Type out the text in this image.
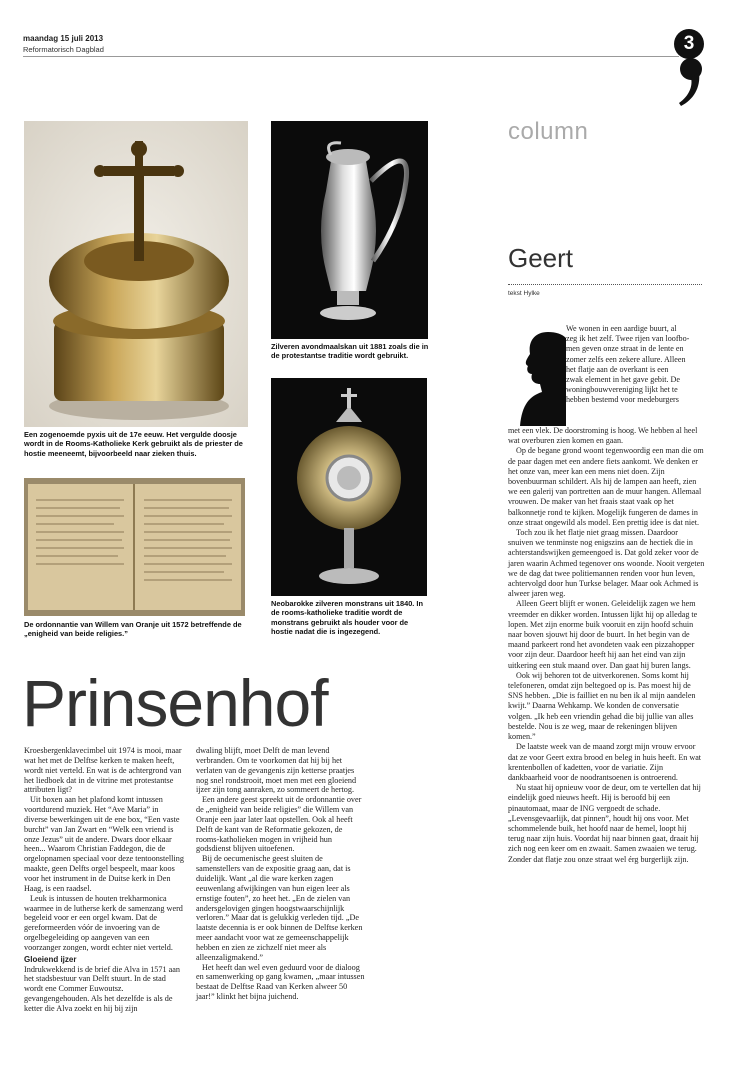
maandag 15 juli 2013
Reformatorisch Dagblad	3
Een zogenoemde pyxis uit de 17e eeuw. Het vergulde doosje wordt in de Rooms-Katholieke Kerk gebruikt als de priester de hostie meeneemt, bijvoorbeeld naar zieken thuis.
Zilveren avondmaalskan uit 1881 zoals die in de protestantse traditie wordt gebruikt.
De ordonnantie van Willem van Oranje uit 1572 betreffende de „enigheid van beide religies.”
Neobarokke zilveren monstrans uit 1840. In de rooms-katholieke traditie wordt de monstrans gebruikt als houder voor de hostie nadat die is ingezegend.
Prinsenhof

Kroesbergenklavecimbel uit 1974 is mooi, maar wat het met de Delftse kerken te maken heeft, wordt niet verteld. En wat is de achtergrond van het liedboek dat in de vitrine met protestantse attributen ligt?

Uit boxen aan het plafond komt intussen voortdurend muziek. Het “Ave Maria” in diverse bewerkingen uit de ene box, “Een vaste burcht” van Jan Zwart en “Welk een vriend is onze Jezus” uit de andere. Dwars door elkaar heen... Waarom Christian Faddegon, die de orgelopnamen speciaal voor deze tentoonstelling maakte, geen Delfts orgel bespeelt, maar koos voor het instrument in de Duitse kerk in Den Haag, is een raadsel.

Leuk is intussen de houten trekharmonica waarmee in de lutherse kerk de samenzang werd begeleid voor er een orgel kwam. Dat de gereformeerden vóór de invoering van de orgelbegeleiding op aangeven van een voorzanger zongen, wordt echter niet verteld.

Gloeiend ijzer

Indrukwekkend is de brief die Alva in 1571 aan het stadsbestuur van Delft stuurt. In de stad wordt ene Commer Euwoutsz. gevangengehouden. Als het dezelfde is als de ketter die Alva zoekt en hij bij zijn

dwaling blijft, moet Delft de man levend verbranden. Om te voorkomen dat hij bij het verlaten van de gevangenis zijn ketterse praatjes nog snel rondstrooit, moet men met een gloeiend ijzer zijn tong aanraken, zo sommeert de hertog.

Een andere geest spreekt uit de ordonnantie over de „enigheid van beide religies” die Willem van Oranje een jaar later laat opstellen. Ook al heeft Delft de kant van de Reformatie gekozen, de rooms-katholieken mogen in vrijheid hun godsdienst blijven uitoefenen.

Bij de oecumenische geest sluiten de samenstellers van de expositie graag aan, dat is duidelijk. Want „al die ware kerken zagen eeuwenlang afwijkingen van hun eigen leer als ernstige fouten”, zo heet het. „En de zielen van andersgelovigen gingen hoogstwaarschijnlijk verloren.” Maar dat is gelukkig verleden tijd. „De laatste decennia is er ook binnen de Delftse kerken meer aandacht voor wat ze gemeenschappelijk hebben en zien ze zichzelf niet meer als alleenzaligmakend.”

Het heeft dan wel even geduurd voor de dialoog en samenwerking op gang kwamen, „maar intussen bestaat de Delftse Raad van Kerken alweer 50 jaar!” klinkt het bijna juichend.

column
Geert
tekst Hylke
We wonen in een aardige buurt, al
zeg ik het zelf. Twee rijen van loofbo-
men geven onze straat in de lente en
zomer zelfs een zekere allure. Alleen
het flatje aan de overkant is een
zwak element in het gave gebit. De
woningbouwvereniging lijkt het te
hebben bestemd voor medeburgers

met een vlek. De doorstroming is hoog. We hebben al heel wat overburen zien komen en gaan.

Op de begane grond woont tegenwoordig een man die om de paar dagen met een andere fiets aankomt. We denken er het onze van, meer kan een mens niet doen. Zijn bovenbuurman schildert. Als hij de lampen aan heeft, zien we een galerij van portretten aan de muur hangen. Allemaal vrouwen. De maker van het fraais staat vaak op het balkonnetje rond te kijken. Mogelijk fungeren de dames in onze straat ongewild als model. Een prettig idee is dat niet.

Toch zou ik het flatje niet graag missen. Daardoor snuiven we tenminste nog enigszins aan de hectiek die in achterstandswijken gemeengoed is. Dat gold zeker voor de jaren waarin Achmed tegenover ons woonde. Nooit vergeten we de dag dat twee politiemannen renden voor hun leven, achtervolgd door hun Turkse belager. Maar ook Achmed is alweer jaren weg.

Alleen Geert blijft er wonen. Geleidelijk zagen we hem vreemder en dikker worden. Intussen lijkt hij op alledag te lopen. Met zijn enorme buik vooruit en zijn hoofd schuin naar boven sjouwt hij door de buurt. In het begin van de maand parkeert rond het avondeten vaak een pizzahopper voor zijn deur. Daardoor heeft hij aan het eind van zijn uitkering een stuk maand over. Dan gaat hij buren langs.

Ook wij behoren tot de uitverkorenen. Soms komt hij telefoneren, omdat zijn beltegoed op is. Pas moest hij de SNS hebben. „Die is failliet en nu ben ik al mijn aandelen kwijt.” Daarna Wehkamp. We konden de conversatie volgen. „Ik heb een vriendin gehad die bij jullie van alles bestelde. Nou is ze weg, maar de rekeningen blijven komen.”

De laatste week van de maand zorgt mijn vrouw ervoor dat ze voor Geert extra brood en beleg in huis heeft. En wat krentenbollen of kadetten, voor de variatie. Zijn dankbaarheid voor de noodrantsoenen is ontroerend.

Nu staat hij opnieuw voor de deur, om te vertellen dat hij eindelijk goed nieuws heeft. Hij is beroofd bij een pinautomaat, maar de ING vergoedt de schade. „Levensgevaarlijk, dat pinnen”, houdt hij ons voor. Met schommelende buik, het hoofd naar de hemel, loopt hij terug naar zijn huis. Voordat hij naar binnen gaat, draait hij zich nog een keer om en zwaait. Samen zwaaien we terug. Zonder dat flatje zou onze straat wel érg burgerlijk zijn.
